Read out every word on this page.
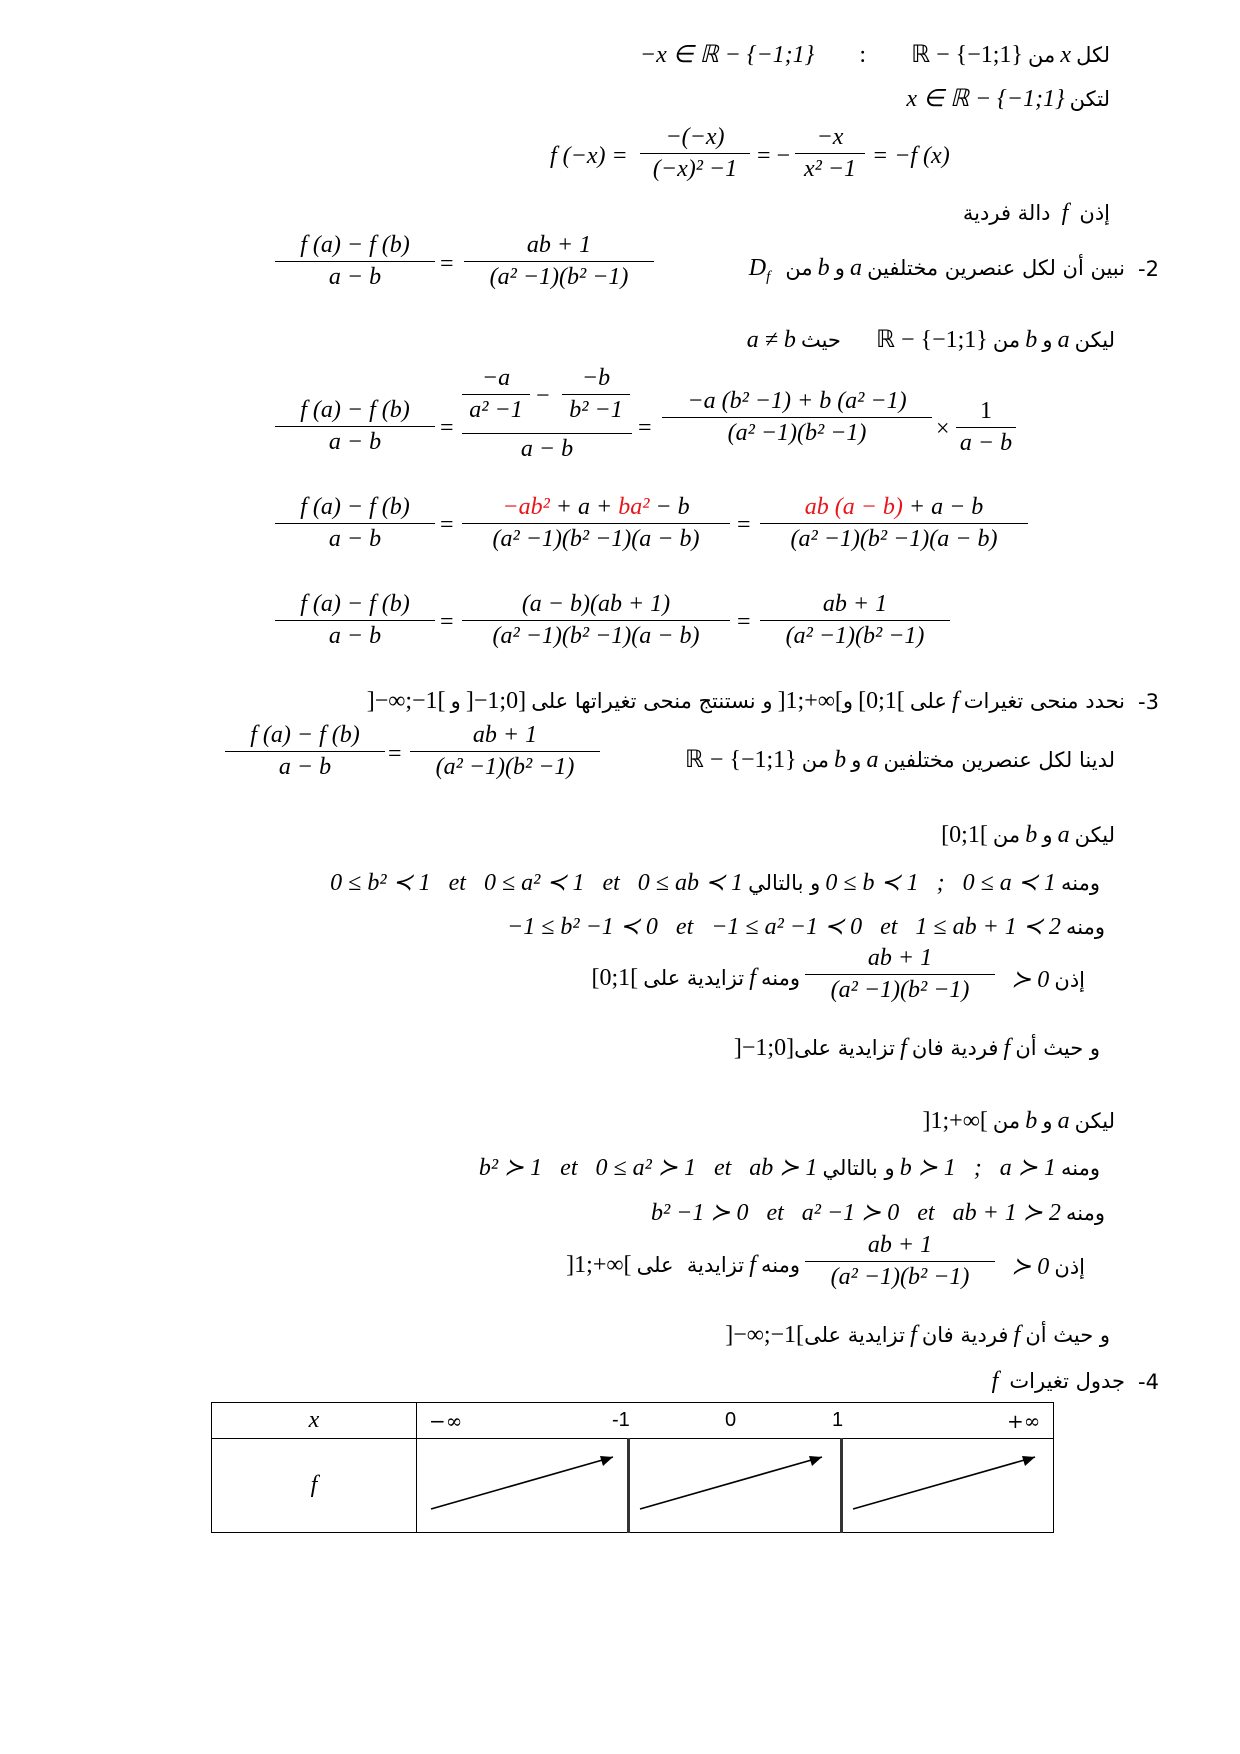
لكل x من ℝ − {−1;1} : −x ∈ ℝ − {−1;1}
لتكن x ∈ ℝ − {−1;1}
f (−x) =
−(−x)
(−x)² −1 = −
−x
x² −1 = −f (x)
إذن f دالة فردية
-2
نبين أن لكل عنصرين مختلفين a و b من $D_f$
f (a) − f (b)
a − b	=
ab + 1
(a² −1)(b² −1)
ليكن a و b من ℝ − {−1;1} حيث a ≠ b
f (a) − f (b)
a − b
=
−a
a² −1
−
−b
b² −1
a − b
=
−a (b² −1) + b (a² −1)
(a² −1)(b² −1)	×
1
a − b
f (a) − f (b)
a − b
=
−ab² + a + ba² − b
(a² −1)(b² −1)(a − b)
=
ab (a − b) + a − b
(a² −1)(b² −1)(a − b)
f (a) − f (b)
a − b
=
(a − b)(ab + 1)
(a² −1)(b² −1)(a − b)
=
ab + 1
(a² −1)(b² −1)
-3
نحدد منحى تغيرات f على [0;1[ و]1;+∞[ و نستنتج منحى تغيراتها على ]−1;0] و ]−∞;−1[
لدينا لكل عنصرين مختلفين a و b من ℝ − {−1;1}
f (a) − f (b)
a − b	=
ab + 1
(a² −1)(b² −1)
ليكن a و b من [0;1[
ومنه 0 ≤ b ≺ 1   ;   0 ≤ a ≺ 1 و بالتالي 0 ≤ b² ≺ 1   et   0 ≤ a² ≺ 1   et   0 ≤ ab ≺ 1
ومنه −1 ≤ b² −1 ≺ 0   et   −1 ≤ a² −1 ≺ 0   et   1 ≤ ab + 1 ≺ 2
إذن ≻ 0
ab + 1
(a² −1)(b² −1)
ومنه f تزايدية على [0;1[
و حيث أن f فردية فان f تزايدية على]−1;0]
ليكن a و b من ]1;+∞[
ومنه b ≻ 1   ;   a ≻ 1 و بالتالي b² ≻ 1   et   0 ≤ a² ≻ 1   et   ab ≻ 1
ومنه b² −1 ≻ 0   et   a² −1 ≻ 0   et   ab + 1 ≻ 2
إذن ≻ 0
ab + 1
(a² −1)(b² −1)
ومنه f تزايدية  على ]1;+∞[
و حيث أن f فردية فان f تزايدية على]−∞;−1[
-4
جدول تغيرات f
x	−∞ -1 0 1 +∞		

f			
